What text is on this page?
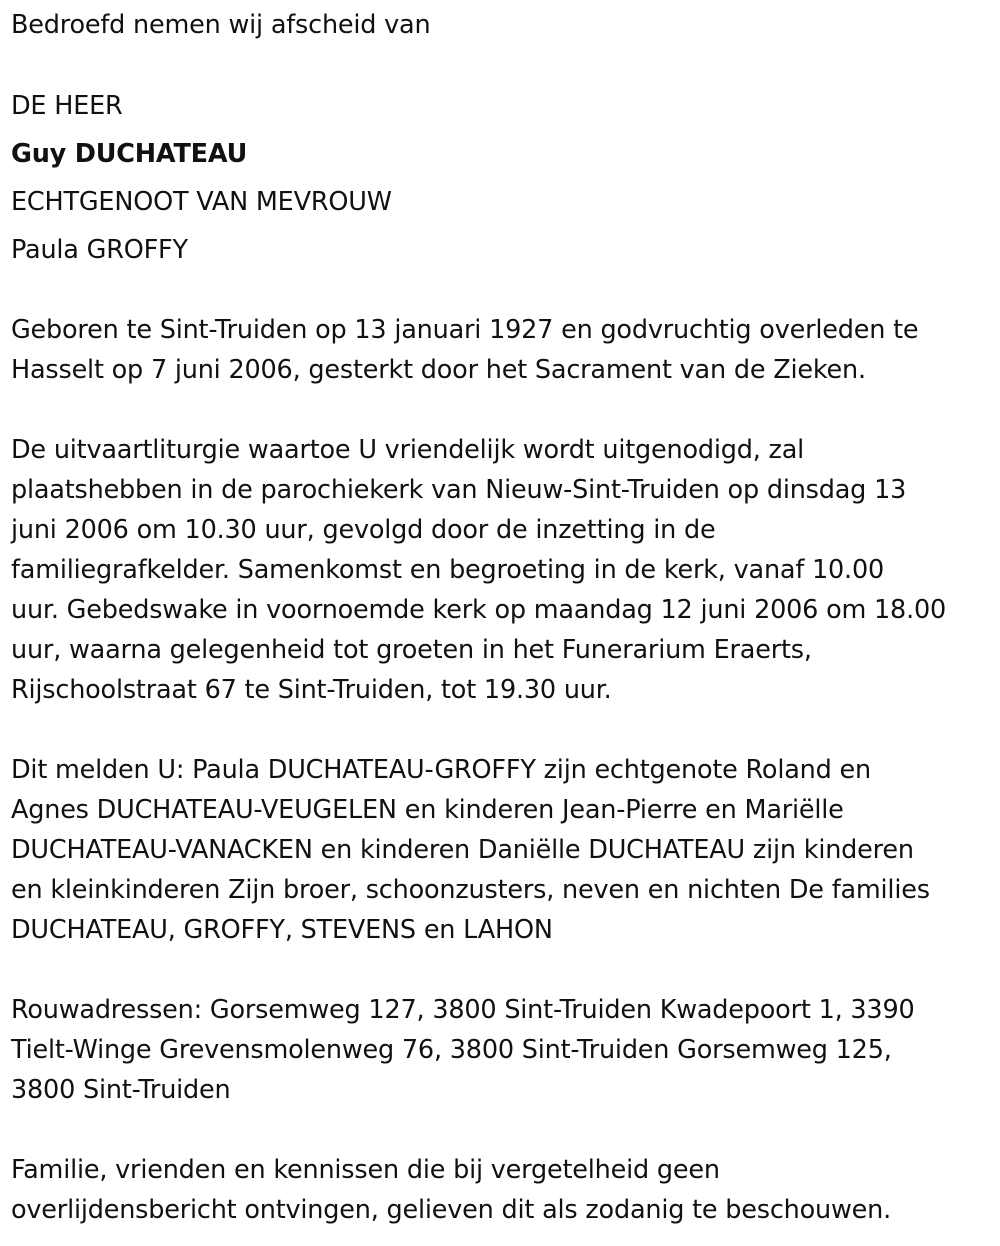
Bedroefd nemen wij afscheid van
DE HEER
Guy DUCHATEAU
ECHTGENOOT VAN MEVROUW
Paula GROFFY
Geboren te Sint-Truiden op 13 januari 1927 en godvruchtig overleden te
Hasselt op 7 juni 2006, gesterkt door het Sacrament van de Zieken.
De uitvaartliturgie waartoe U vriendelijk wordt uitgenodigd, zal
plaatshebben in de parochiekerk van Nieuw-Sint-Truiden op dinsdag 13
juni 2006 om 10.30 uur, gevolgd door de inzetting in de
familiegrafkelder. Samenkomst en begroeting in de kerk, vanaf 10.00
uur. Gebedswake in voornoemde kerk op maandag 12 juni 2006 om 18.00
uur, waarna gelegenheid tot groeten in het Funerarium Eraerts,
Rijschoolstraat 67 te Sint-Truiden, tot 19.30 uur.
Dit melden U: Paula DUCHATEAU-GROFFY zijn echtgenote Roland en
Agnes DUCHATEAU-VEUGELEN en kinderen Jean-Pierre en Mariëlle
DUCHATEAU-VANACKEN en kinderen Daniëlle DUCHATEAU zijn kinderen
en kleinkinderen Zijn broer, schoonzusters, neven en nichten De families
DUCHATEAU, GROFFY, STEVENS en LAHON
Rouwadressen: Gorsemweg 127, 3800 Sint-Truiden Kwadepoort 1, 3390
Tielt-Winge Grevensmolenweg 76, 3800 Sint-Truiden Gorsemweg 125,
3800 Sint-Truiden
Familie, vrienden en kennissen die bij vergetelheid geen
overlijdensbericht ontvingen, gelieven dit als zodanig te beschouwen.
